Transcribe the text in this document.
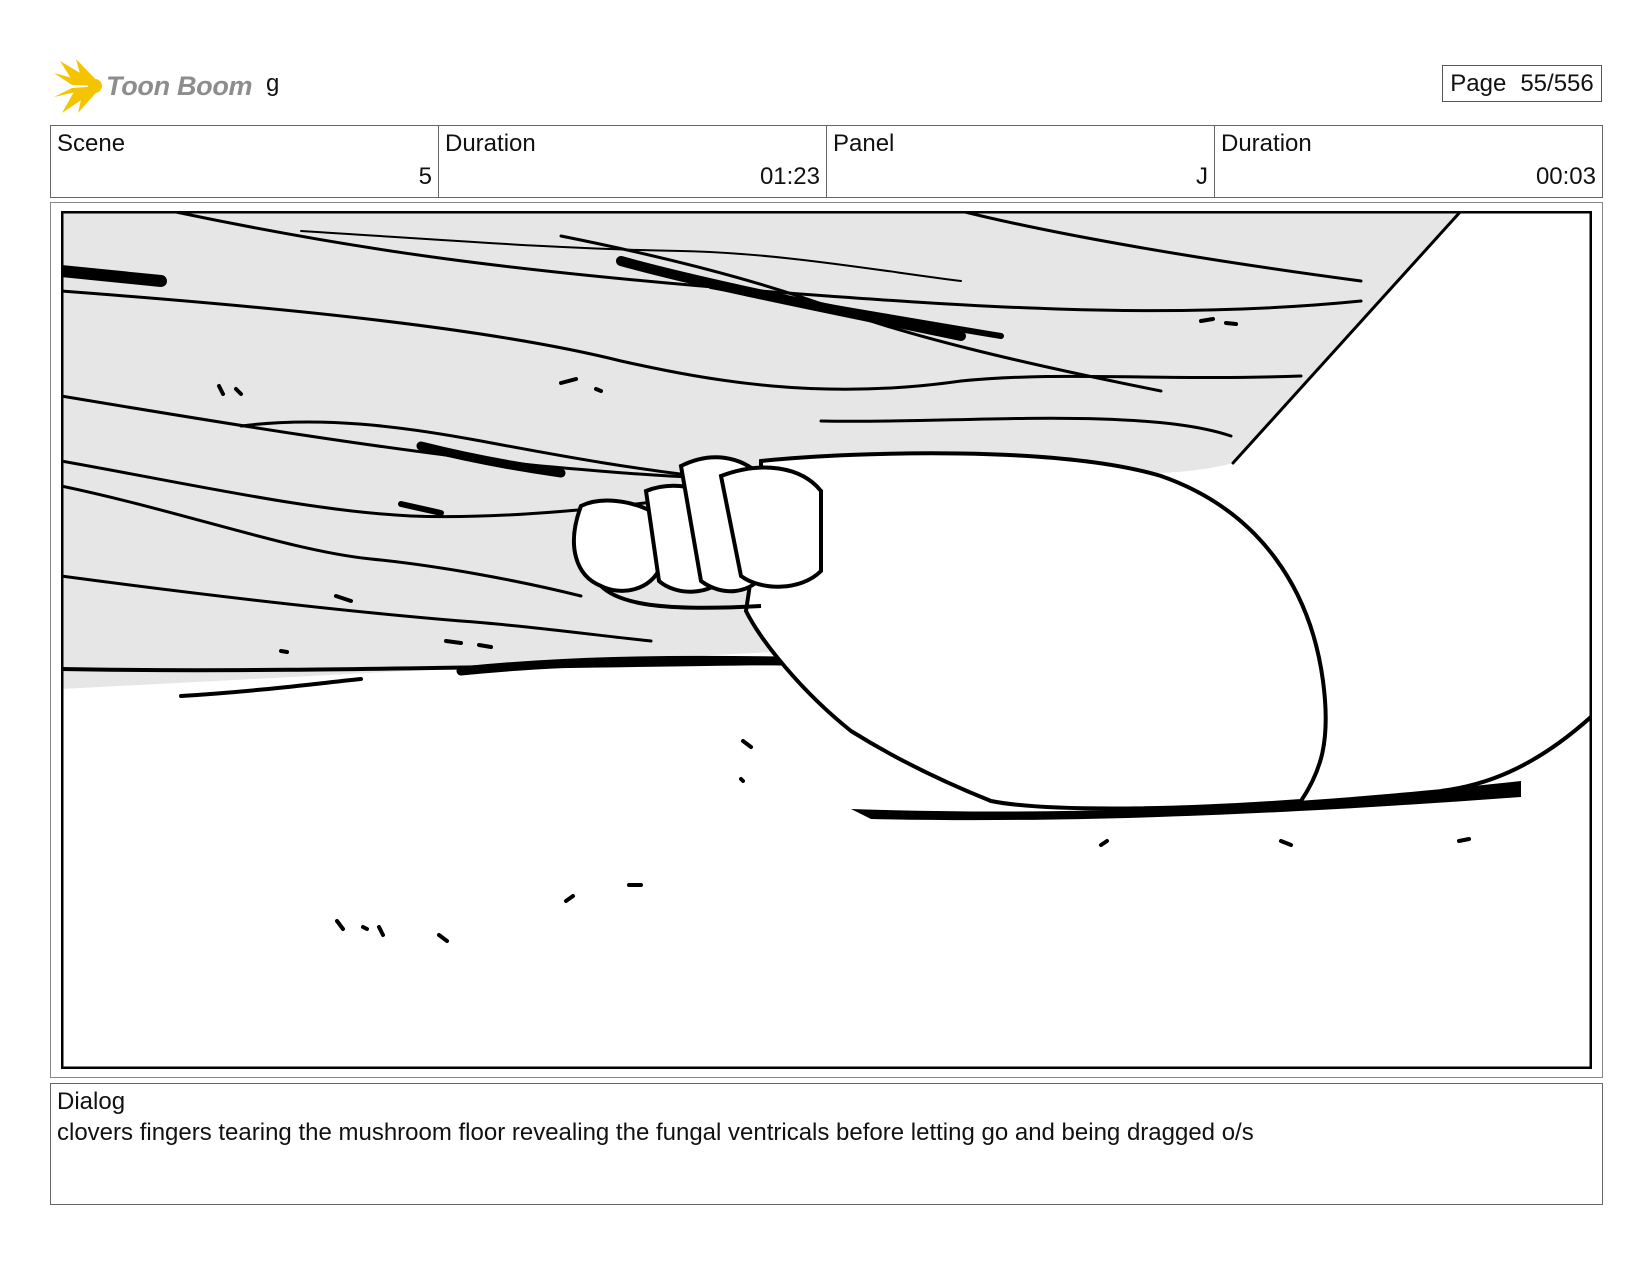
Toon Boom g	Page 55/556
Scene
5
Duration
01:23
Panel
J
Duration
00:03
Dialog
clovers fingers tearing the mushroom floor revealing the fungal ventricals before letting go and being dragged o/s
